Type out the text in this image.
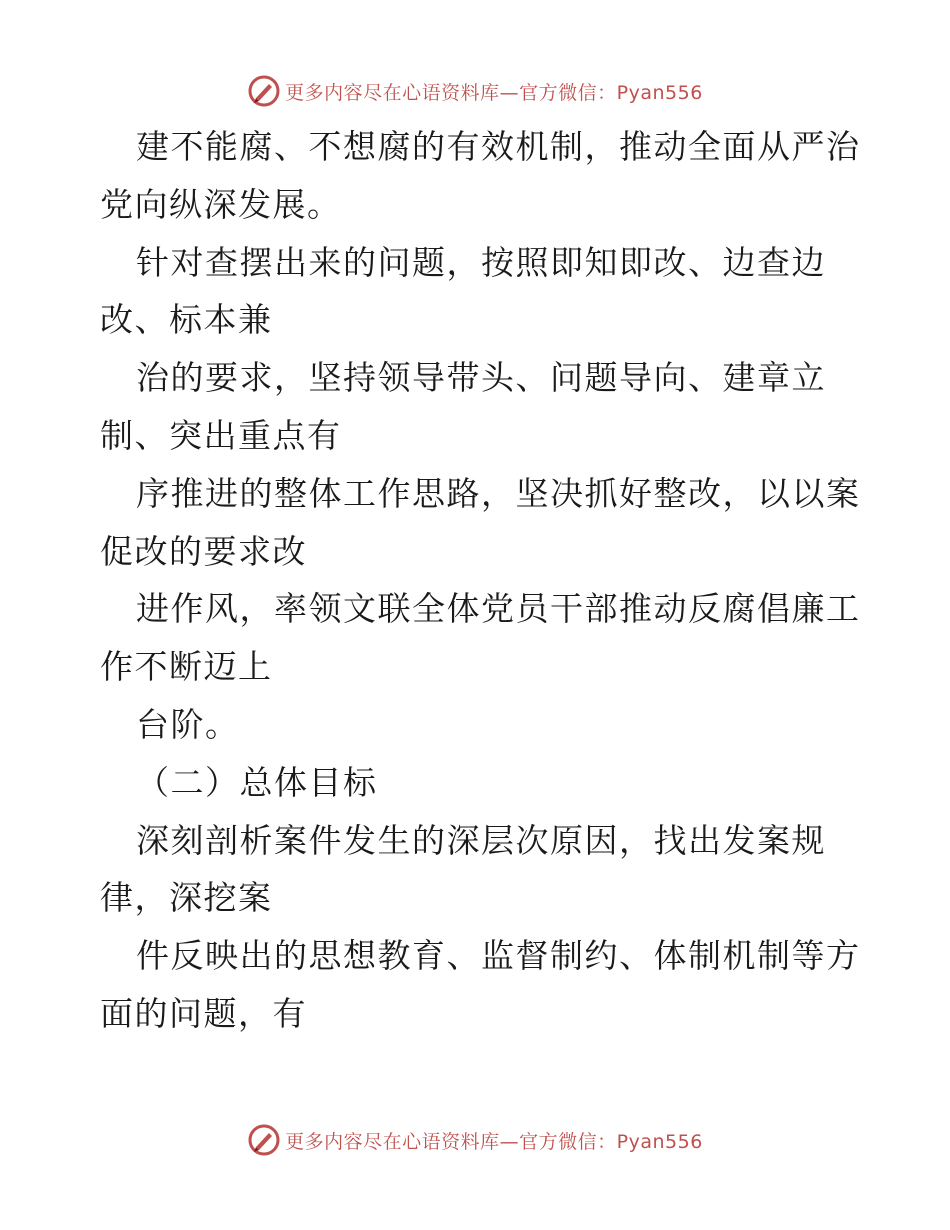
更多内容尽在心语资料库—官方微信：Pyan556
建不能腐、不想腐的有效机制，推动全面从严治
党向纵深发展。
针对查摆出来的问题，按照即知即改、边查边
改、标本兼
治的要求，坚持领导带头、问题导向、建章立
制、突出重点有
序推进的整体工作思路，坚决抓好整改，以以案
促改的要求改
进作风，率领文联全体党员干部推动反腐倡廉工
作不断迈上
台阶。
（二）总体目标
深刻剖析案件发生的深层次原因，找出发案规
律，深挖案
件反映出的思想教育、监督制约、体制机制等方
面的问题，有
更多内容尽在心语资料库—官方微信：Pyan556
